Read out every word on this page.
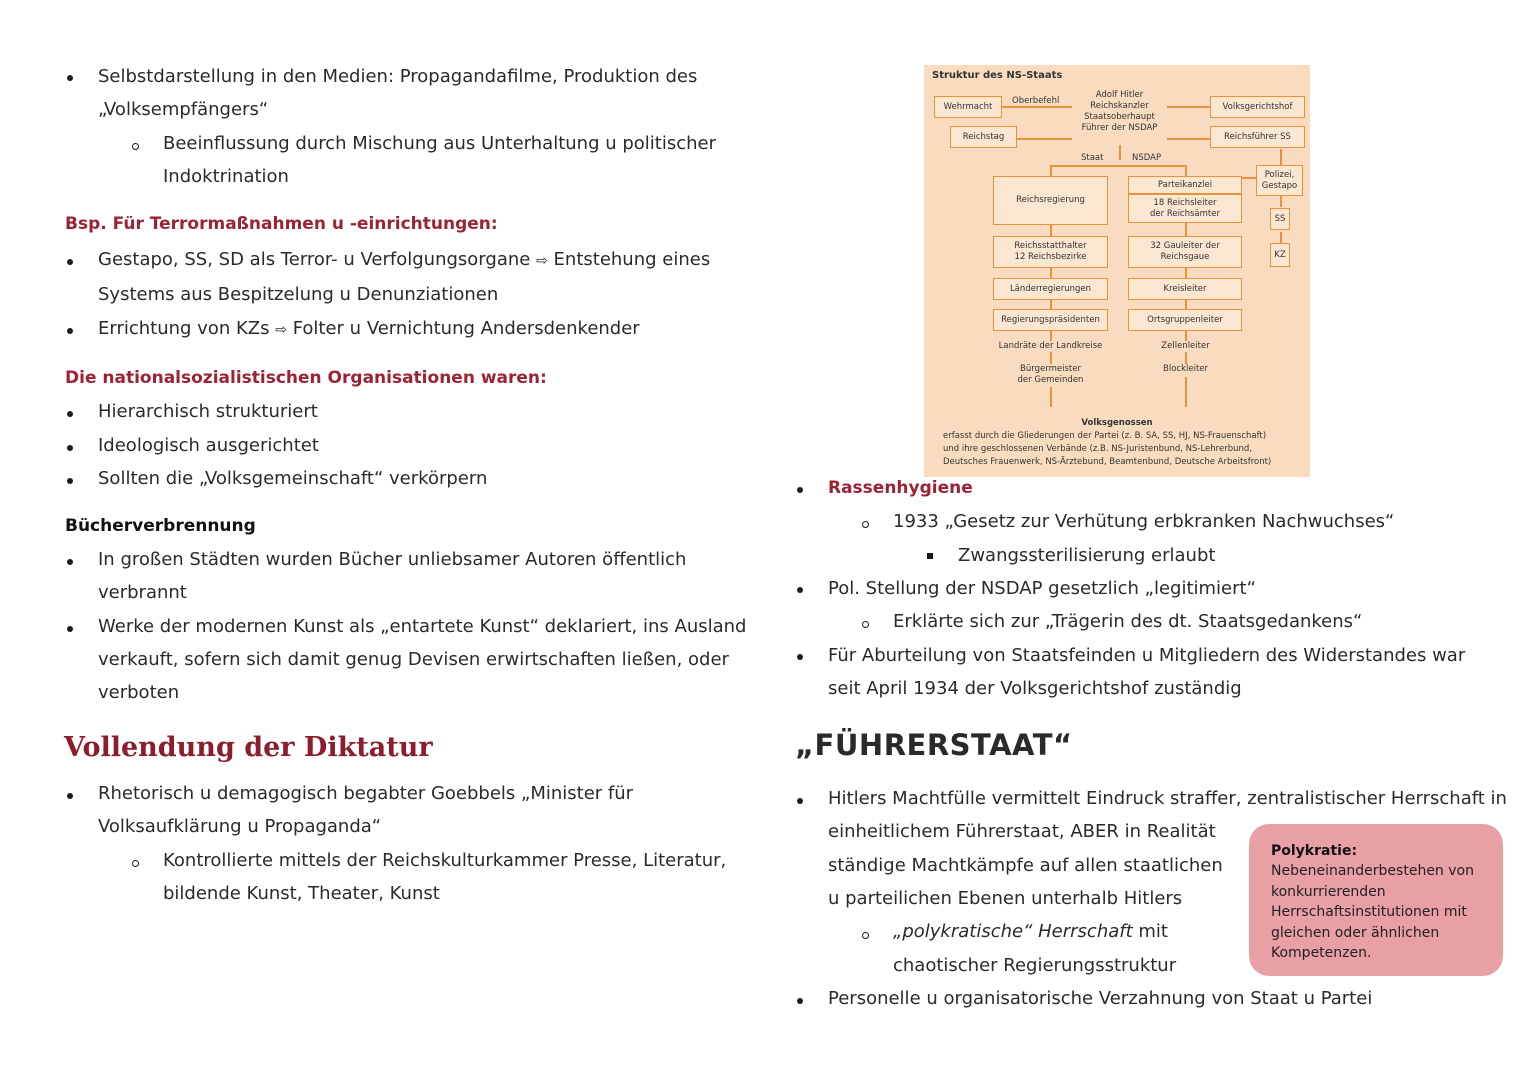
Selbstdarstellung in den Medien: Propagandafilme, Produktion des
„Volksempfängers“
Beeinflussung durch Mischung aus Unterhaltung u politischer
Indoktrination
Bsp. Für Terrormaßnahmen u -einrichtungen:
Gestapo, SS, SD als Terror- u Verfolgungsorgane ⇨ Entstehung eines
Systems aus Bespitzelung u Denunziationen
Errichtung von KZs ⇨ Folter u Vernichtung Andersdenkender
Die nationalsozialistischen Organisationen waren:
Hierarchisch strukturiert
Ideologisch ausgerichtet
Sollten die „Volksgemeinschaft“ verkörpern
Bücherverbrennung
In großen Städten wurden Bücher unliebsamer Autoren öffentlich
verbrannt
Werke der modernen Kunst als „entartete Kunst“ deklariert, ins Ausland
verkauft, sofern sich damit genug Devisen erwirtschaften ließen, oder
verboten
Vollendung der Diktatur
Rhetorisch u demagogisch begabter Goebbels „Minister für
Volksaufklärung u Propaganda“
Kontrollierte mittels der Reichskulturkammer Presse, Literatur,
bildende Kunst, Theater, Kunst
Struktur des NS-Staats
Wehrmacht
Oberbefehl
Adolf Hitler
Reichskanzler
Staatsoberhaupt
Führer der NSDAP
Volksgerichtshof
Reichstag	Reichsführer SS
Staat	NSDAP
Reichsregierung
Parteikanzlei
18 Reichsleiter der Reichsämter
Polizei, Gestapo
SS
KZ
Reichsstatthalter 12 Reichsbezirke
32 Gauleiter der Reichsgaue
Länderregierungen	Kreisleiter
Regierungspräsidenten	Ortsgruppenleiter
Landräte der Landkreise	Zellenleiter
Bürgermeister
der Gemeinden
Blockleiter
Volksgenossen
erfasst durch die Gliederungen der Partei (z. B. SA, SS, HJ, NS-Frauenschaft)
und ihre geschlossenen Verbände (z.B. NS-Juristenbund, NS-Lehrerbund,
Deutsches Frauenwerk, NS-Ärztebund, Beamtenbund, Deutsche Arbeitsfront)
Rassenhygiene
1933 „Gesetz zur Verhütung erbkranken Nachwuchses“
Zwangssterilisierung erlaubt
Pol. Stellung der NSDAP gesetzlich „legitimiert“
Erklärte sich zur „Trägerin des dt. Staatsgedankens“
Für Aburteilung von Staatsfeinden u Mitgliedern des Widerstandes war
seit April 1934 der Volksgerichtshof zuständig
„FÜHRERSTAAT“
Hitlers Machtfülle vermittelt Eindruck straffer, zentralistischer Herrschaft in
einheitlichem Führerstaat, ABER in Realität
ständige Machtkämpfe auf allen staatlichen
u parteilichen Ebenen unterhalb Hitlers
„polykratische“ Herrschaft mit
chaotischer Regierungsstruktur
Personelle u organisatorische Verzahnung von Staat u Partei
Polykratie:
Nebeneinanderbestehen von
konkurrierenden
Herrschaftsinstitutionen mit
gleichen oder ähnlichen
Kompetenzen.
